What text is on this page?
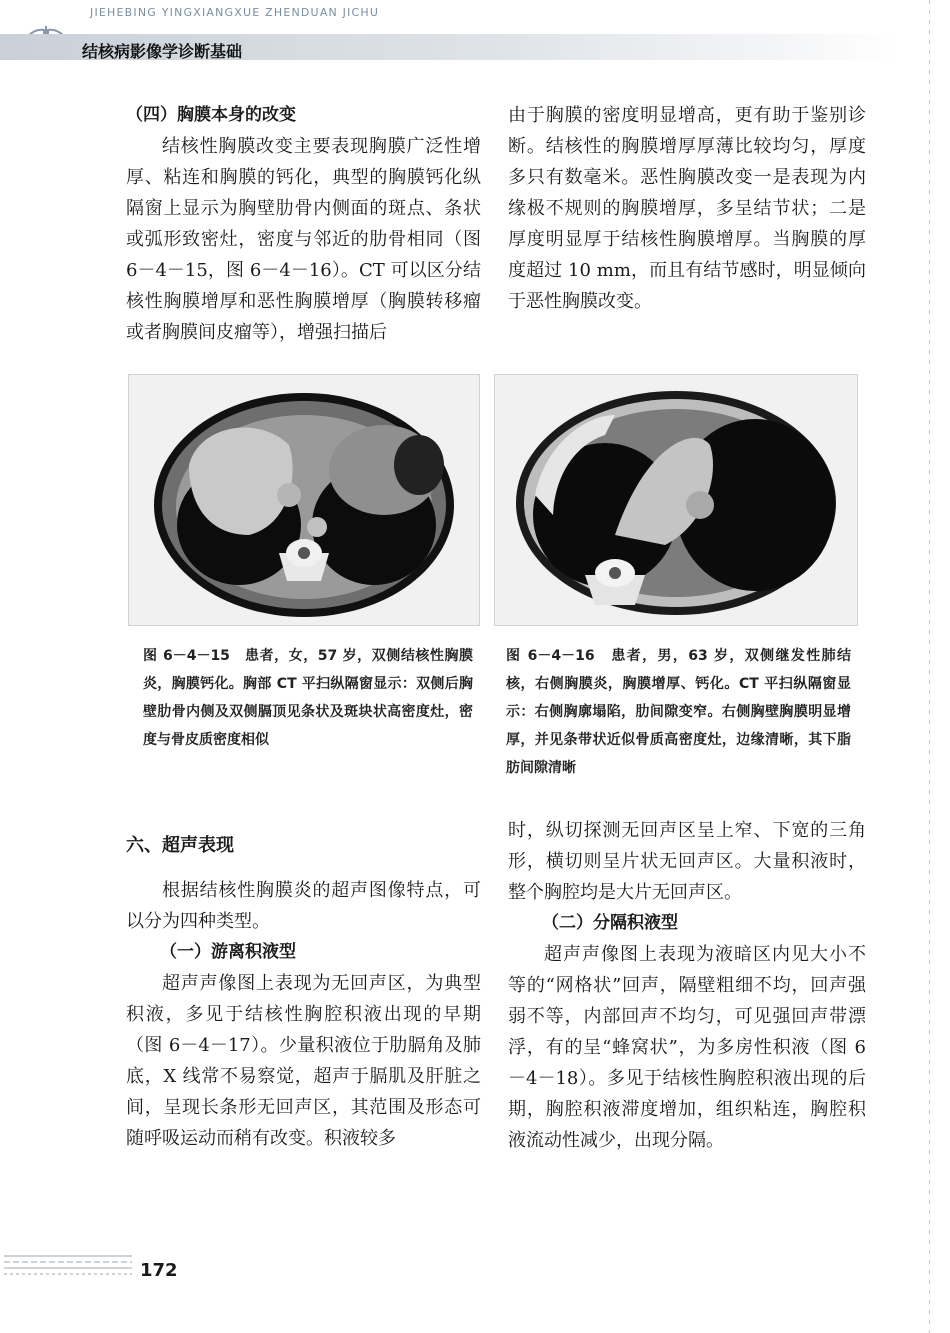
JIEHEBING YINGXIANGXUE ZHENDUAN JICHU
结核病影像学诊断基础

（四）胸膜本身的改变

结核性胸膜改变主要表现胸膜广泛性增厚、粘连和胸膜的钙化，典型的胸膜钙化纵隔窗上显示为胸壁肋骨内侧面的斑点、条状或弧形致密灶，密度与邻近的肋骨相同（图 6－4－15，图 6－4－16）。CT 可以区分结核性胸膜增厚和恶性胸膜增厚（胸膜转移瘤或者胸膜间皮瘤等），增强扫描后

由于胸膜的密度明显增高，更有助于鉴别诊断。结核性的胸膜增厚厚薄比较均匀，厚度多只有数毫米。恶性胸膜改变一是表现为内缘极不规则的胸膜增厚，多呈结节状；二是厚度明显厚于结核性胸膜增厚。当胸膜的厚度超过 10 mm，而且有结节感时，明显倾向于恶性胸膜改变。

图 6－4－15　患者，女，57 岁，双侧结核性胸膜炎，胸膜钙化。胸部 CT 平扫纵隔窗显示：双侧后胸壁肋骨内侧及双侧膈顶见条状及斑块状高密度灶，密度与骨皮质密度相似
图 6－4－16　患者，男，63 岁，双侧继发性肺结核，右侧胸膜炎，胸膜增厚、钙化。CT 平扫纵隔窗显示：右侧胸廓塌陷，肋间隙变窄。右侧胸壁胸膜明显增厚，并见条带状近似骨质高密度灶，边缘清晰，其下脂肪间隙清晰

六、超声表现

根据结核性胸膜炎的超声图像特点，可以分为四种类型。

（一）游离积液型

超声声像图上表现为无回声区，为典型积液，多见于结核性胸腔积液出现的早期（图 6－4－17）。少量积液位于肋膈角及肺底，X 线常不易察觉，超声于膈肌及肝脏之间，呈现长条形无回声区，其范围及形态可随呼吸运动而稍有改变。积液较多

时，纵切探测无回声区呈上窄、下宽的三角形，横切则呈片状无回声区。大量积液时，整个胸腔均是大片无回声区。

（二）分隔积液型

超声声像图上表现为液暗区内见大小不等的“网格状”回声，隔壁粗细不均，回声强弱不等，内部回声不均匀，可见强回声带漂浮，有的呈“蜂窝状”，为多房性积液（图 6－4－18）。多见于结核性胸腔积液出现的后期，胸腔积液滞度增加，组织粘连，胸腔积液流动性减少，出现分隔。

172
